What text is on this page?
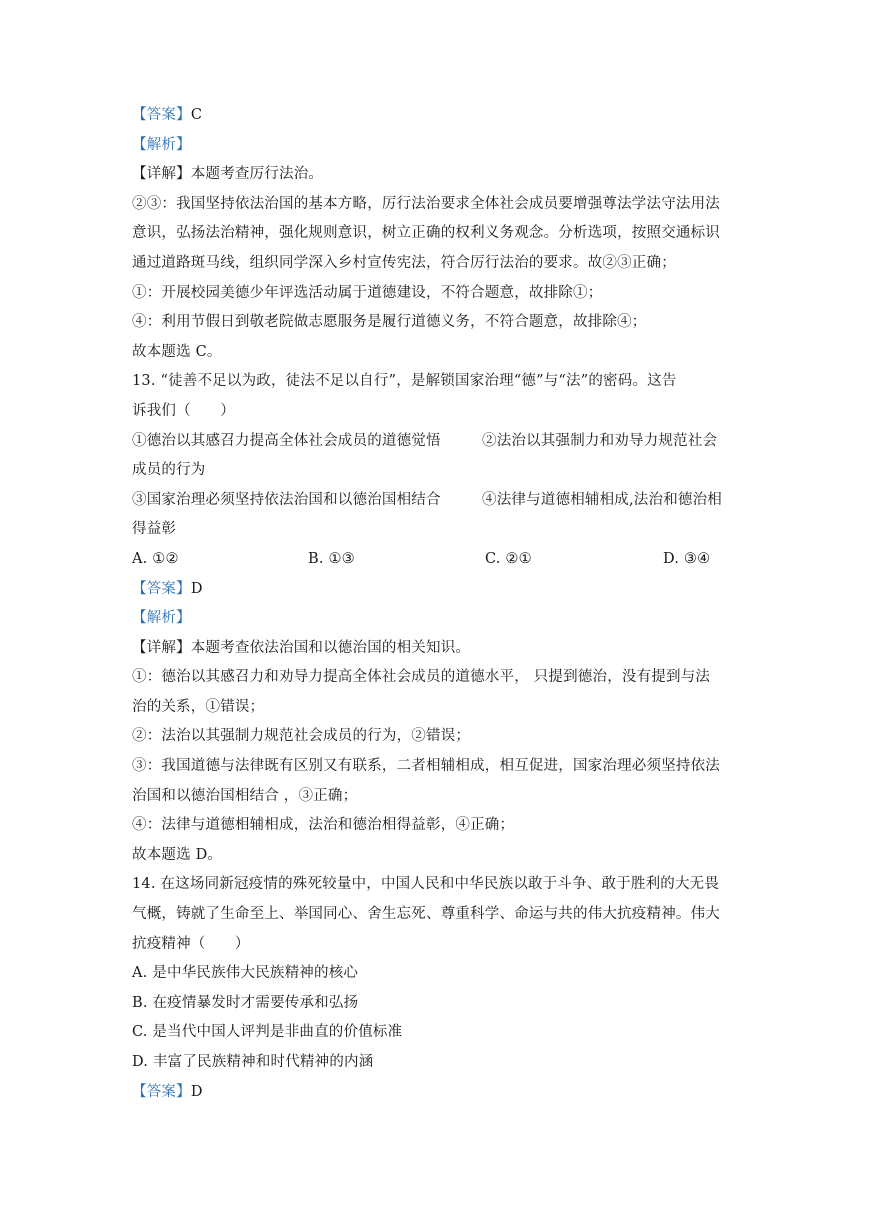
【答案】C
【解析】
【详解】本题考查厉行法治。
②③：我国坚持依法治国的基本方略，厉行法治要求全体社会成员要增强尊法学法守法用法
意识，弘扬法治精神，强化规则意识，树立正确的权利义务观念。分析选项，按照交通标识
通过道路斑马线，组织同学深入乡村宣传宪法，符合厉行法治的要求。故②③正确；
①：开展校园美德少年评选活动属于道德建设，不符合题意，故排除①；
④：利用节假日到敬老院做志愿服务是履行道德义务，不符合题意，故排除④；
故本题选 C。
13. “徒善不足以为政，徒法不足以自行”，是解锁国家治理“德”与“法”的密码。这告
诉我们（　　）
①德治以其感召力提高全体社会成员的道德觉悟	②法治以其强制力和劝导力规范社会
成员的行为
③国家治理必须坚持依法治国和以德治国相结合	④法律与道德相辅相成,法治和德治相
得益彰
A. ①②	B. ①③	C. ②①	D. ③④
【答案】D
【解析】
【详解】本题考查依法治国和以德治国的相关知识。
①：德治以其感召力和劝导力提高全体社会成员的道德水平， 只提到德治，没有提到与法
治的关系，①错误；
②：法治以其强制力规范社会成员的行为，②错误；
③：我国道德与法律既有区别又有联系，二者相辅相成，相互促进，国家治理必须坚持依法
治国和以德治国相结合 ，③正确；
④：法律与道德相辅相成，法治和德治相得益彰，④正确；
故本题选 D。
14. 在这场同新冠疫情的殊死较量中，中国人民和中华民族以敢于斗争、敢于胜利的大无畏
气概，铸就了生命至上、举国同心、舍生忘死、尊重科学、命运与共的伟大抗疫精神。伟大
抗疫精神（　　）
A. 是中华民族伟大民族精神的核心
B. 在疫情暴发时才需要传承和弘扬
C. 是当代中国人评判是非曲直的价值标准
D. 丰富了民族精神和时代精神的内涵
【答案】D
